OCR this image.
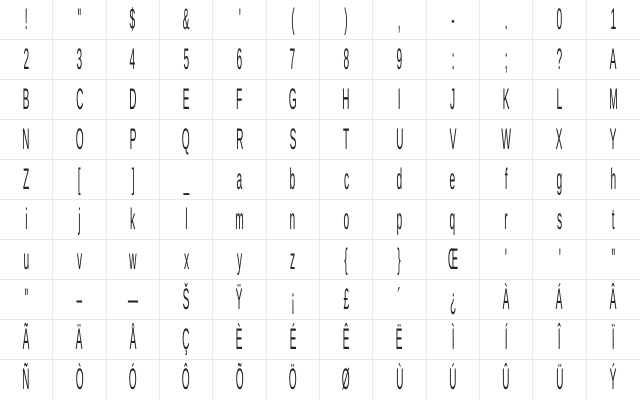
! " $ & ' ( ) , - . 0 1
2 3 4 5 6 7 8 9 : ; ? A
B C D E F G H I J K L M
N O P Q R S T U V W X Y
Z [ ] _ a b c d e f g h
i j k l m n o p q r s t
u v w x y z { } Œ ' ' "
" – — Š Ÿ ¡ £ ´ ¿ À Á Â
Ã Ä Å Ç È É Ê Ë Ì Í Î Ï
Ñ Ò Ó Ô Õ Ö Ø Ù Ú Û Ü Ý
